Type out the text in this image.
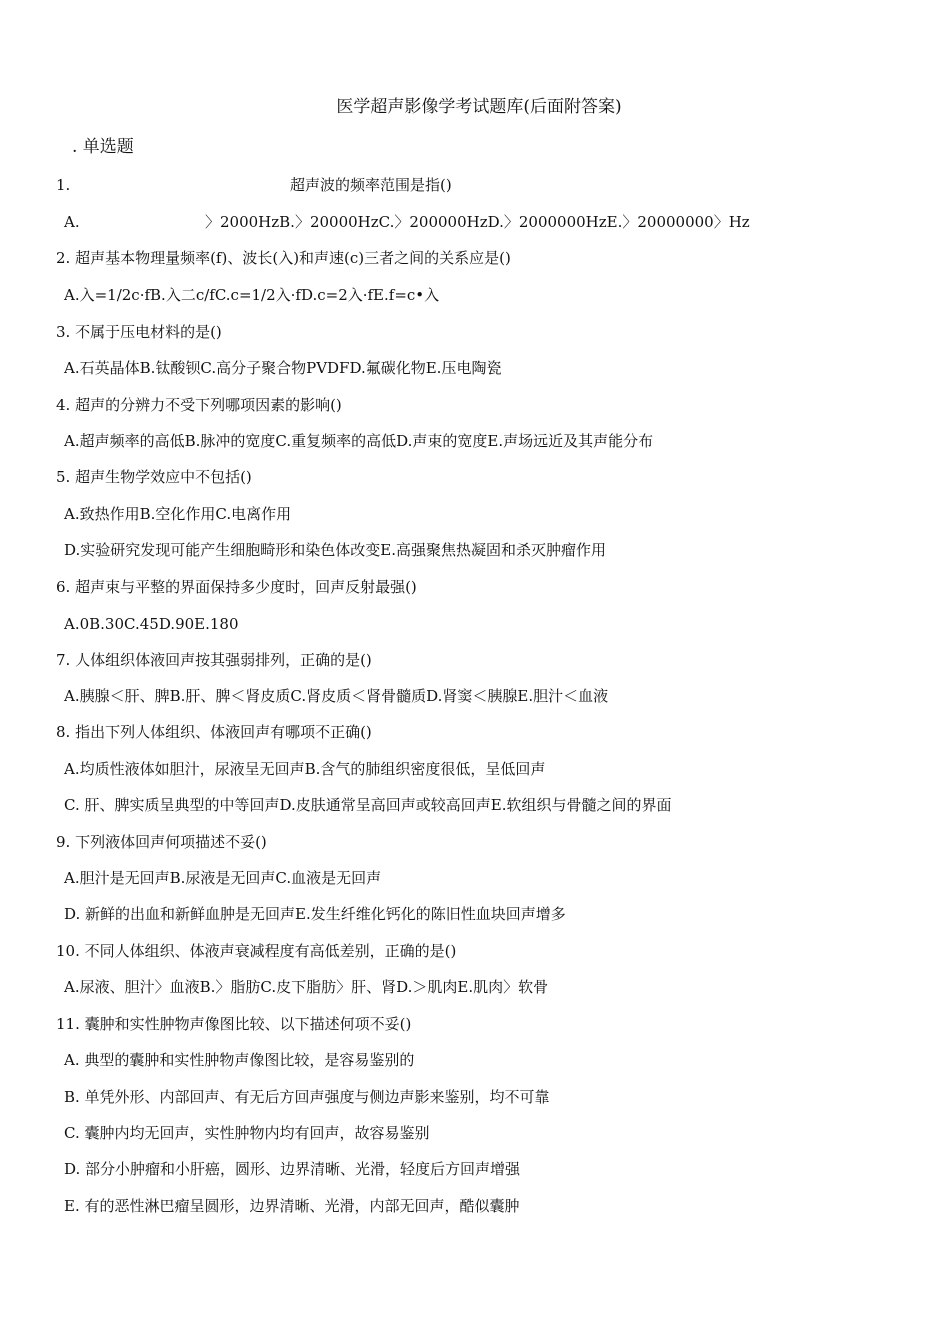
医学超声影像学考试题库(后面附答案)
. 单选题
1.	超声波的频率范围是指()
A.	〉2000HzB.〉20000HzC.〉200000HzD.〉2000000HzE.〉20000000〉Hz
2. 超声基本物理量频率(f)、波长(入)和声速(c)三者之间的关系应是()
A.入=1/2c·fB.入二c/fC.c=1/2入·fD.c=2入·fE.f=c•入
3. 不属于压电材料的是()
A.石英晶体B.钛酸钡C.高分子聚合物PVDFD.氟碳化物E.压电陶瓷
4. 超声的分辨力不受下列哪项因素的影响()
A.超声频率的高低B.脉冲的宽度C.重复频率的高低D.声束的宽度E.声场远近及其声能分布
5. 超声生物学效应中不包括()
A.致热作用B.空化作用C.电离作用
D.实验研究发现可能产生细胞畸形和染色体改变E.高强聚焦热凝固和杀灭肿瘤作用
6. 超声束与平整的界面保持多少度时，回声反射最强()
A.0B.30C.45D.90E.180
7. 人体组织体液回声按其强弱排列，正确的是()
A.胰腺＜肝、脾B.肝、脾＜肾皮质C.肾皮质＜肾骨髓质D.肾窦＜胰腺E.胆汁＜血液
8. 指出下列人体组织、体液回声有哪项不正确()
A.均质性液体如胆汁，尿液呈无回声B.含气的肺组织密度很低，呈低回声
C. 肝、脾实质呈典型的中等回声D.皮肤通常呈高回声或较高回声E.软组织与骨髓之间的界面
9. 下列液体回声何项描述不妥()
A.胆汁是无回声B.尿液是无回声C.血液是无回声
D. 新鲜的出血和新鲜血肿是无回声E.发生纤维化钙化的陈旧性血块回声增多
10. 不同人体组织、体液声衰减程度有高低差别，正确的是()
A.尿液、胆汁〉血液B.〉脂肪C.皮下脂肪〉肝、肾D.＞肌肉E.肌肉〉软骨
11. 囊肿和实性肿物声像图比较、以下描述何项不妥()
A. 典型的囊肿和实性肿物声像图比较，是容易鉴别的
B. 单凭外形、内部回声、有无后方回声强度与侧边声影来鉴别，均不可靠
C. 囊肿内均无回声，实性肿物内均有回声，故容易鉴别
D. 部分小肿瘤和小肝癌，圆形、边界清晰、光滑，轻度后方回声增强
E. 有的恶性淋巴瘤呈圆形，边界清晰、光滑，内部无回声，酷似囊肿
